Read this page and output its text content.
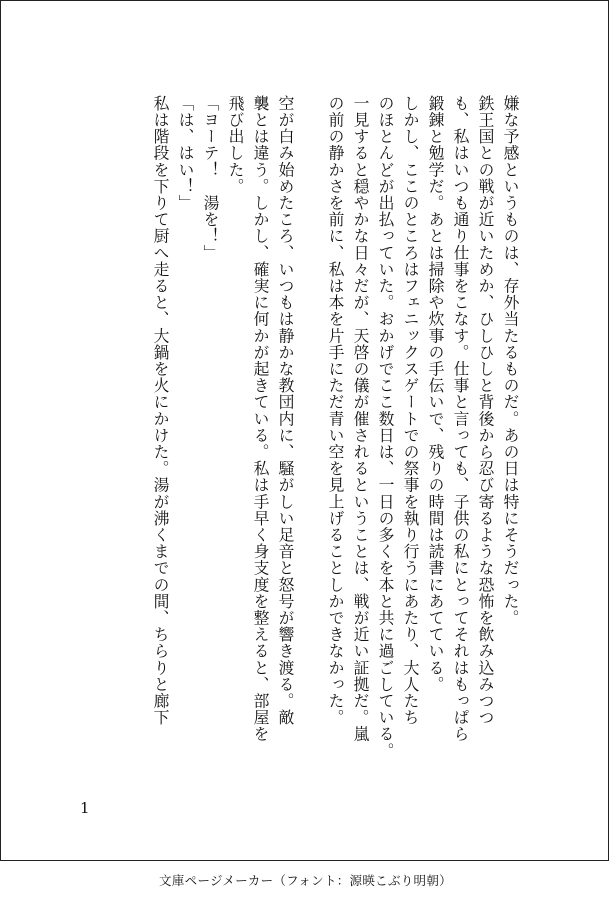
嫌な予感というものは、存外当たるものだ。あの日は特にそうだった。
鉄王国との戦が近いためか、ひしひしと背後から忍び寄るような恐怖を飲み込みつつ
も、私はいつも通り仕事をこなす。仕事と言っても、子供の私にとってそれはもっぱら
鍛錬と勉学だ。あとは掃除や炊事の手伝いで、残りの時間は読書にあてている。
しかし、ここのところはフェニックスゲートでの祭事を執り行うにあたり、大人たち
のほとんどが出払っていた。おかげでここ数日は、一日の多くを本と共に過ごしている。
一見すると穏やかな日々だが、天啓の儀が催されるということは、戦が近い証拠だ。嵐
の前の静かさを前に、私は本を片手にただ青い空を見上げることしかできなかった。
空が白み始めたころ、いつもは静かな教団内に、騒がしい足音と怒号が響き渡る。敵
襲とは違う。しかし、確実に何かが起きている。私は手早く身支度を整えると、部屋を
飛び出した。
「ヨーテ！　湯を！」
「は、はい！」
私は階段を下りて厨へ走ると、大鍋を火にかけた。湯が沸くまでの間、ちらりと廊下
1
文庫ページメーカー（フォント：源暎こぶり明朝）
